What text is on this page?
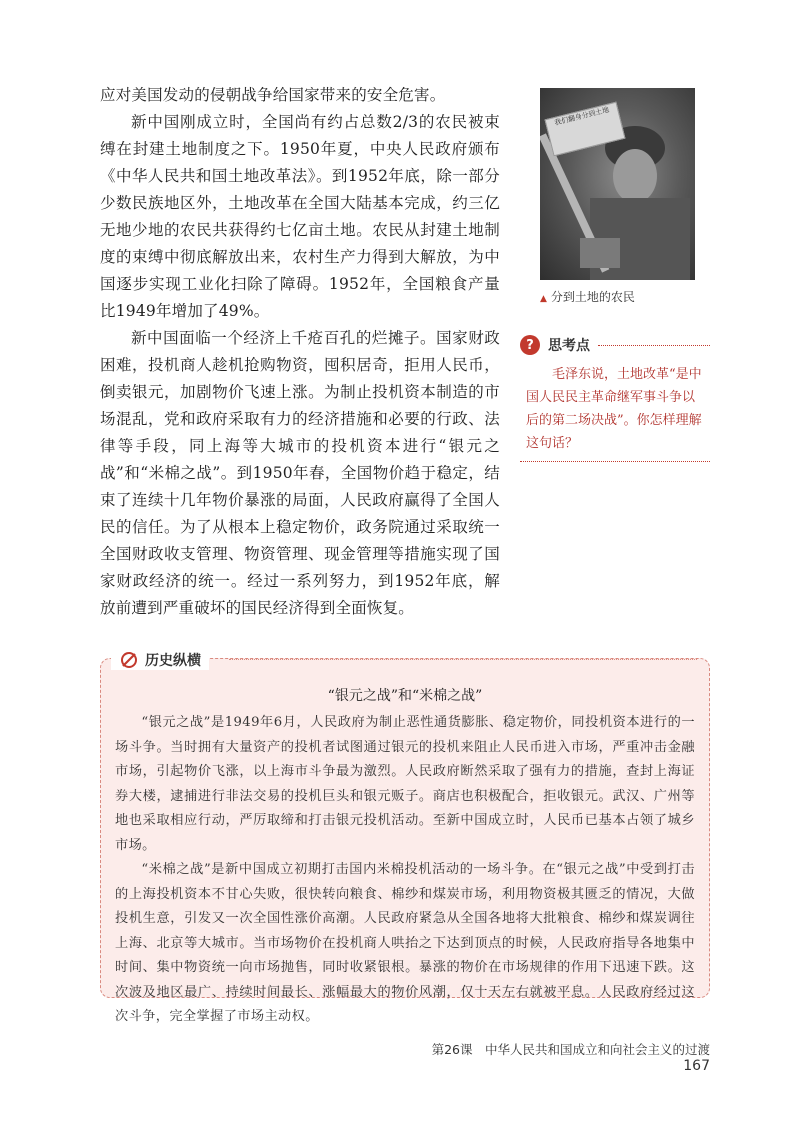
应对美国发动的侵朝战争给国家带来的安全危害。

新中国刚成立时，全国尚有约占总数2/3的农民被束缚在封建土地制度之下。1950年夏，中央人民政府颁布《中华人民共和国土地改革法》。到1952年底，除一部分少数民族地区外，土地改革在全国大陆基本完成，约三亿无地少地的农民共获得约七亿亩土地。农民从封建土地制度的束缚中彻底解放出来，农村生产力得到大解放，为中国逐步实现工业化扫除了障碍。1952年，全国粮食产量比1949年增加了49%。

新中国面临一个经济上千疮百孔的烂摊子。国家财政困难，投机商人趁机抢购物资，囤积居奇，拒用人民币，倒卖银元，加剧物价飞速上涨。为制止投机资本制造的市场混乱，党和政府采取有力的经济措施和必要的行政、法律等手段，同上海等大城市的投机资本进行“银元之战”和“米棉之战”。到1950年春，全国物价趋于稳定，结束了连续十几年物价暴涨的局面，人民政府赢得了全国人民的信任。为了从根本上稳定物价，政务院通过采取统一全国财政收支管理、物资管理、现金管理等措施实现了国家财政经济的统一。经过一系列努力，到1952年底，解放前遭到严重破坏的国民经济得到全面恢复。

我们翻身分到土地
▲ 分到土地的农民
?	思考点
毛泽东说，土地改革“是中国人民民主革命继军事斗争以后的第二场决战”。你怎样理解这句话？
历史纵横
“银元之战”和“米棉之战”

“银元之战”是1949年6月，人民政府为制止恶性通货膨胀、稳定物价，同投机资本进行的一场斗争。当时拥有大量资产的投机者试图通过银元的投机来阻止人民币进入市场，严重冲击金融市场，引起物价飞涨，以上海市斗争最为激烈。人民政府断然采取了强有力的措施，查封上海证券大楼，逮捕进行非法交易的投机巨头和银元贩子。商店也积极配合，拒收银元。武汉、广州等地也采取相应行动，严厉取缔和打击银元投机活动。至新中国成立时，人民币已基本占领了城乡市场。

“米棉之战”是新中国成立初期打击国内米棉投机活动的一场斗争。在“银元之战”中受到打击的上海投机资本不甘心失败，很快转向粮食、棉纱和煤炭市场，利用物资极其匮乏的情况，大做投机生意，引发又一次全国性涨价高潮。人民政府紧急从全国各地将大批粮食、棉纱和煤炭调往上海、北京等大城市。当市场物价在投机商人哄抬之下达到顶点的时候，人民政府指导各地集中时间、集中物资统一向市场抛售，同时收紧银根。暴涨的物价在市场规律的作用下迅速下跌。这次波及地区最广、持续时间最长、涨幅最大的物价风潮，仅十天左右就被平息。人民政府经过这次斗争，完全掌握了市场主动权。

第26课　中华人民共和国成立和向社会主义的过渡167
